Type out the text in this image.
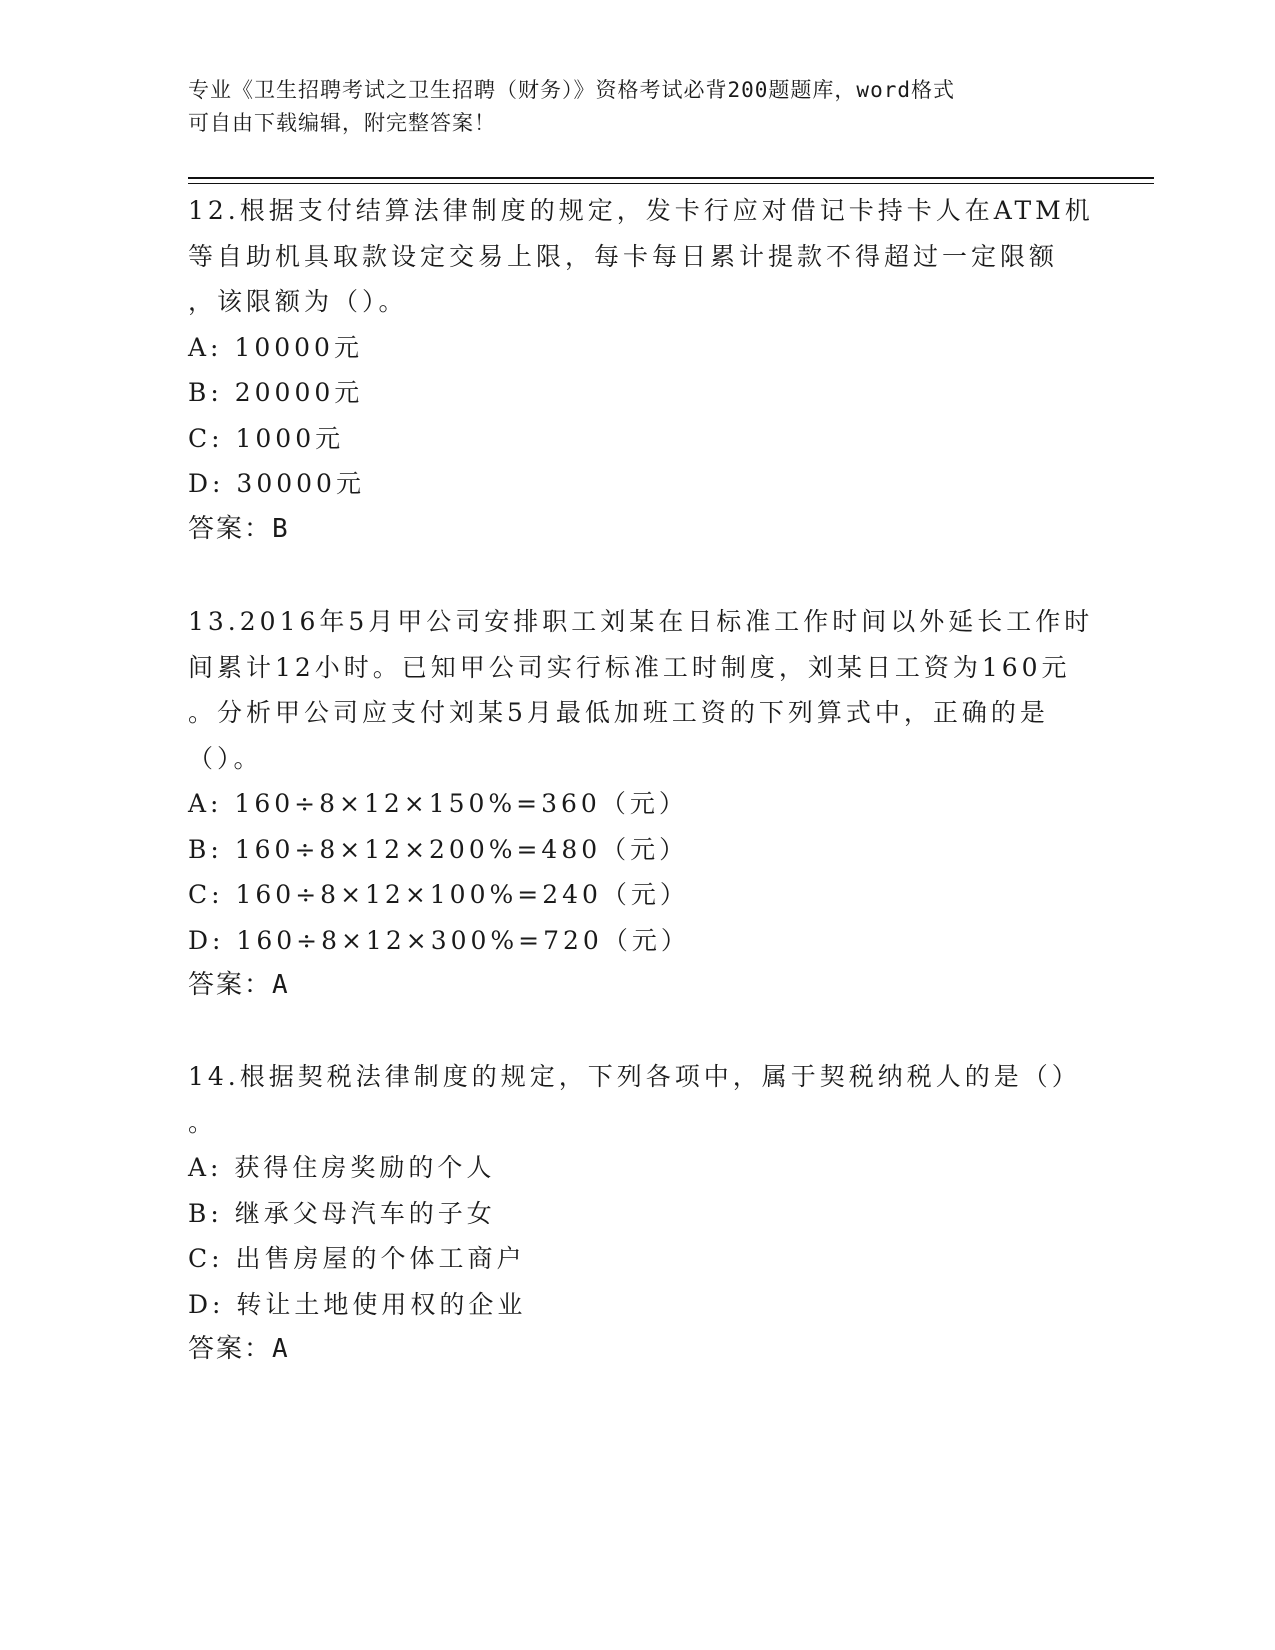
专业《卫生招聘考试之卫生招聘（财务）》资格考试必背200题题库，word格式
可自由下载编辑，附完整答案！
12.根据支付结算法律制度的规定，发卡行应对借记卡持卡人在ATM机
等自助机具取款设定交易上限，每卡每日累计提款不得超过一定限额
，该限额为（）。
A: 10000元
B: 20000元
C: 1000元
D: 30000元
答案：B
13.2016年5月甲公司安排职工刘某在日标准工作时间以外延长工作时
间累计12小时。已知甲公司实行标准工时制度，刘某日工资为160元
。分析甲公司应支付刘某5月最低加班工资的下列算式中，正确的是
（）。
A: 160÷8×12×150%=360（元）
B: 160÷8×12×200%=480（元）
C: 160÷8×12×100%=240（元）
D: 160÷8×12×300%=720（元）
答案：A
14.根据契税法律制度的规定，下列各项中，属于契税纳税人的是（）
。
A: 获得住房奖励的个人
B: 继承父母汽车的子女
C: 出售房屋的个体工商户
D: 转让土地使用权的企业
答案：A
